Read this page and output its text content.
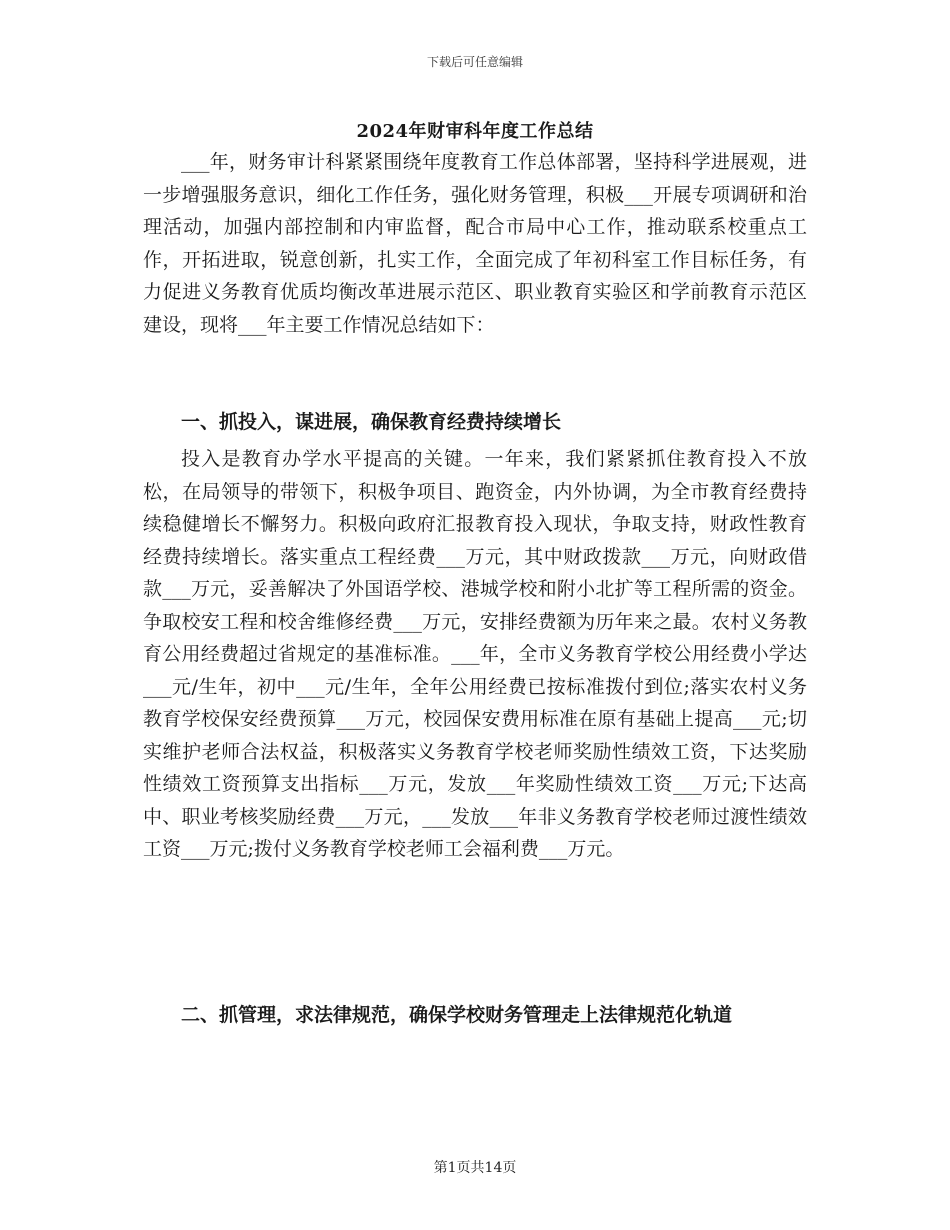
下载后可任意编辑
2024年财审科年度工作总结

___年，财务审计科紧紧围绕年度教育工作总体部署，坚持科学进展观，进一步增强服务意识，细化工作任务，强化财务管理，积极___开展专项调研和治理活动，加强内部控制和内审监督，配合市局中心工作，推动联系校重点工作，开拓进取，锐意创新，扎实工作，全面完成了年初科室工作目标任务，有力促进义务教育优质均衡改革进展示范区、职业教育实验区和学前教育示范区建设，现将___年主要工作情况总结如下：

一、抓投入，谋进展，确保教育经费持续增长

投入是教育办学水平提高的关键。一年来，我们紧紧抓住教育投入不放松，在局领导的带领下，积极争项目、跑资金，内外协调，为全市教育经费持续稳健增长不懈努力。积极向政府汇报教育投入现状，争取支持，财政性教育经费持续增长。落实重点工程经费___万元，其中财政拨款___万元，向财政借款___万元，妥善解决了外国语学校、港城学校和附小北扩等工程所需的资金。争取校安工程和校舍维修经费___万元，安排经费额为历年来之最。农村义务教育公用经费超过省规定的基准标准。___年，全市义务教育学校公用经费小学达___元/生年，初中___元/生年，全年公用经费已按标准拨付到位;落实农村义务教育学校保安经费预算___万元，校园保安费用标准在原有基础上提高___元;切实维护老师合法权益，积极落实义务教育学校老师奖励性绩效工资，下达奖励性绩效工资预算支出指标___万元，发放___年奖励性绩效工资___万元;下达高中、职业考核奖励经费___万元，___发放___年非义务教育学校老师过渡性绩效工资___万元;拨付义务教育学校老师工会福利费___万元。

二、抓管理，求法律规范，确保学校财务管理走上法律规范化轨道

第1页共14页
